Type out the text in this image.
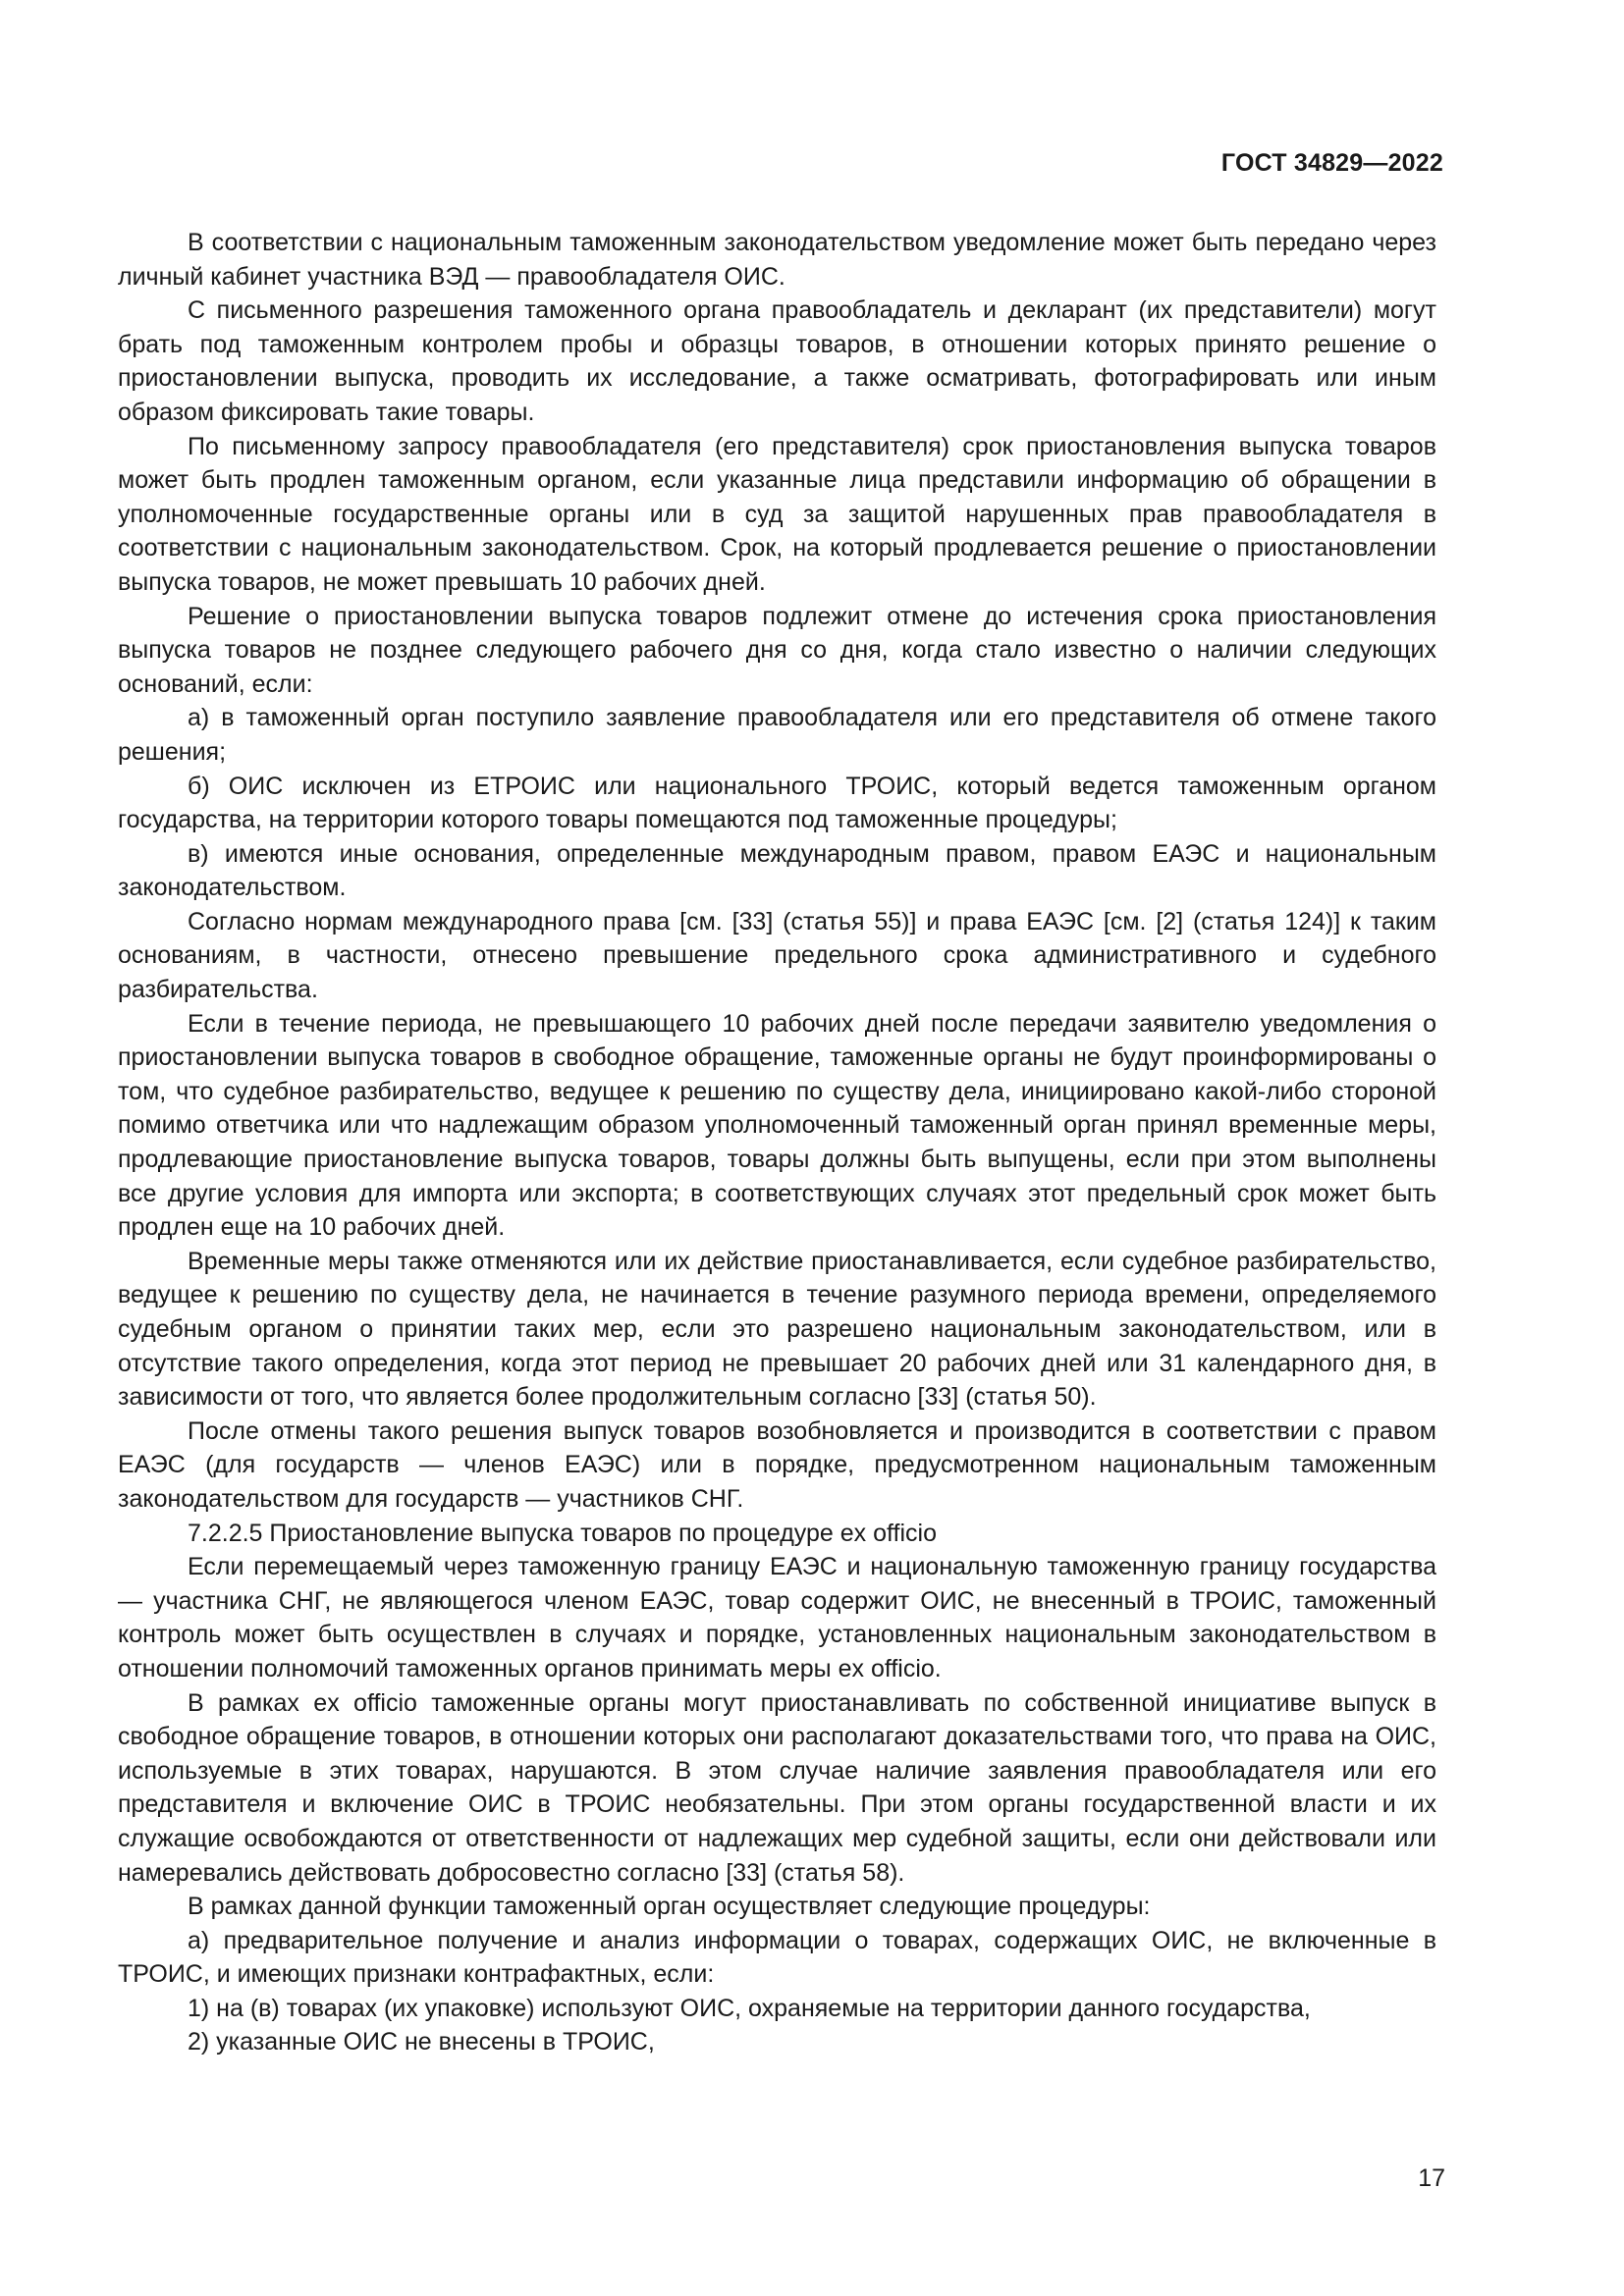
ГОСТ 34829—2022

В соответствии с национальным таможенным законодательством уведомление может быть передано через личный кабинет участника ВЭД — правообладателя ОИС.

С письменного разрешения таможенного органа правообладатель и декларант (их представители) могут брать под таможенным контролем пробы и образцы товаров, в отношении которых принято решение о приостановлении выпуска, проводить их исследование, а также осматривать, фотографировать или иным образом фиксировать такие товары.

По письменному запросу правообладателя (его представителя) срок приостановления выпуска товаров может быть продлен таможенным органом, если указанные лица представили информацию об обращении в уполномоченные государственные органы или в суд за защитой нарушенных прав правообладателя в соответствии с национальным законодательством. Срок, на который продлевается решение о приостановлении выпуска товаров, не может превышать 10 рабочих дней.

Решение о приостановлении выпуска товаров подлежит отмене до истечения срока приостановления выпуска товаров не позднее следующего рабочего дня со дня, когда стало известно о наличии следующих оснований, если:

а) в таможенный орган поступило заявление правообладателя или его представителя об отмене такого решения;

б) ОИС исключен из ЕТРОИС или национального ТРОИС, который ведется таможенным органом государства, на территории которого товары помещаются под таможенные процедуры;

в) имеются иные основания, определенные международным правом, правом ЕАЭС и национальным законодательством.

Согласно нормам международного права [см. [33] (статья 55)] и права ЕАЭС [см. [2] (статья 124)] к таким основаниям, в частности, отнесено превышение предельного срока административного и судебного разбирательства.

Если в течение периода, не превышающего 10 рабочих дней после передачи заявителю уведомления о приостановлении выпуска товаров в свободное обращение, таможенные органы не будут проинформированы о том, что судебное разбирательство, ведущее к решению по существу дела, инициировано какой-либо стороной помимо ответчика или что надлежащим образом уполномоченный таможенный орган принял временные меры, продлевающие приостановление выпуска товаров, товары должны быть выпущены, если при этом выполнены все другие условия для импорта или экспорта; в соответствующих случаях этот предельный срок может быть продлен еще на 10 рабочих дней.

Временные меры также отменяются или их действие приостанавливается, если судебное разбирательство, ведущее к решению по существу дела, не начинается в течение разумного периода времени, определяемого судебным органом о принятии таких мер, если это разрешено национальным законодательством, или в отсутствие такого определения, когда этот период не превышает 20 рабочих дней или 31 календарного дня, в зависимости от того, что является более продолжительным согласно [33] (статья 50).

После отмены такого решения выпуск товаров возобновляется и производится в соответствии с правом ЕАЭС (для государств — членов ЕАЭС) или в порядке, предусмотренном национальным таможенным законодательством для государств — участников СНГ.

7.2.2.5 Приостановление выпуска товаров по процедуре ex officio

Если перемещаемый через таможенную границу ЕАЭС и национальную таможенную границу государства — участника СНГ, не являющегося членом ЕАЭС, товар содержит ОИС, не внесенный в ТРОИС, таможенный контроль может быть осуществлен в случаях и порядке, установленных национальным законодательством в отношении полномочий таможенных органов принимать меры ex officio.

В рамках ex officio таможенные органы могут приостанавливать по собственной инициативе выпуск в свободное обращение товаров, в отношении которых они располагают доказательствами того, что права на ОИС, используемые в этих товарах, нарушаются. В этом случае наличие заявления правообладателя или его представителя и включение ОИС в ТРОИС необязательны. При этом органы государственной власти и их служащие освобождаются от ответственности от надлежащих мер судебной защиты, если они действовали или намеревались действовать добросовестно согласно [33] (статья 58).

В рамках данной функции таможенный орган осуществляет следующие процедуры:

а) предварительное получение и анализ информации о товарах, содержащих ОИС, не включенные в ТРОИС, и имеющих признаки контрафактных, если:

1) на (в) товарах (их упаковке) используют ОИС, охраняемые на территории данного государства,

2) указанные ОИС не внесены в ТРОИС,

17
